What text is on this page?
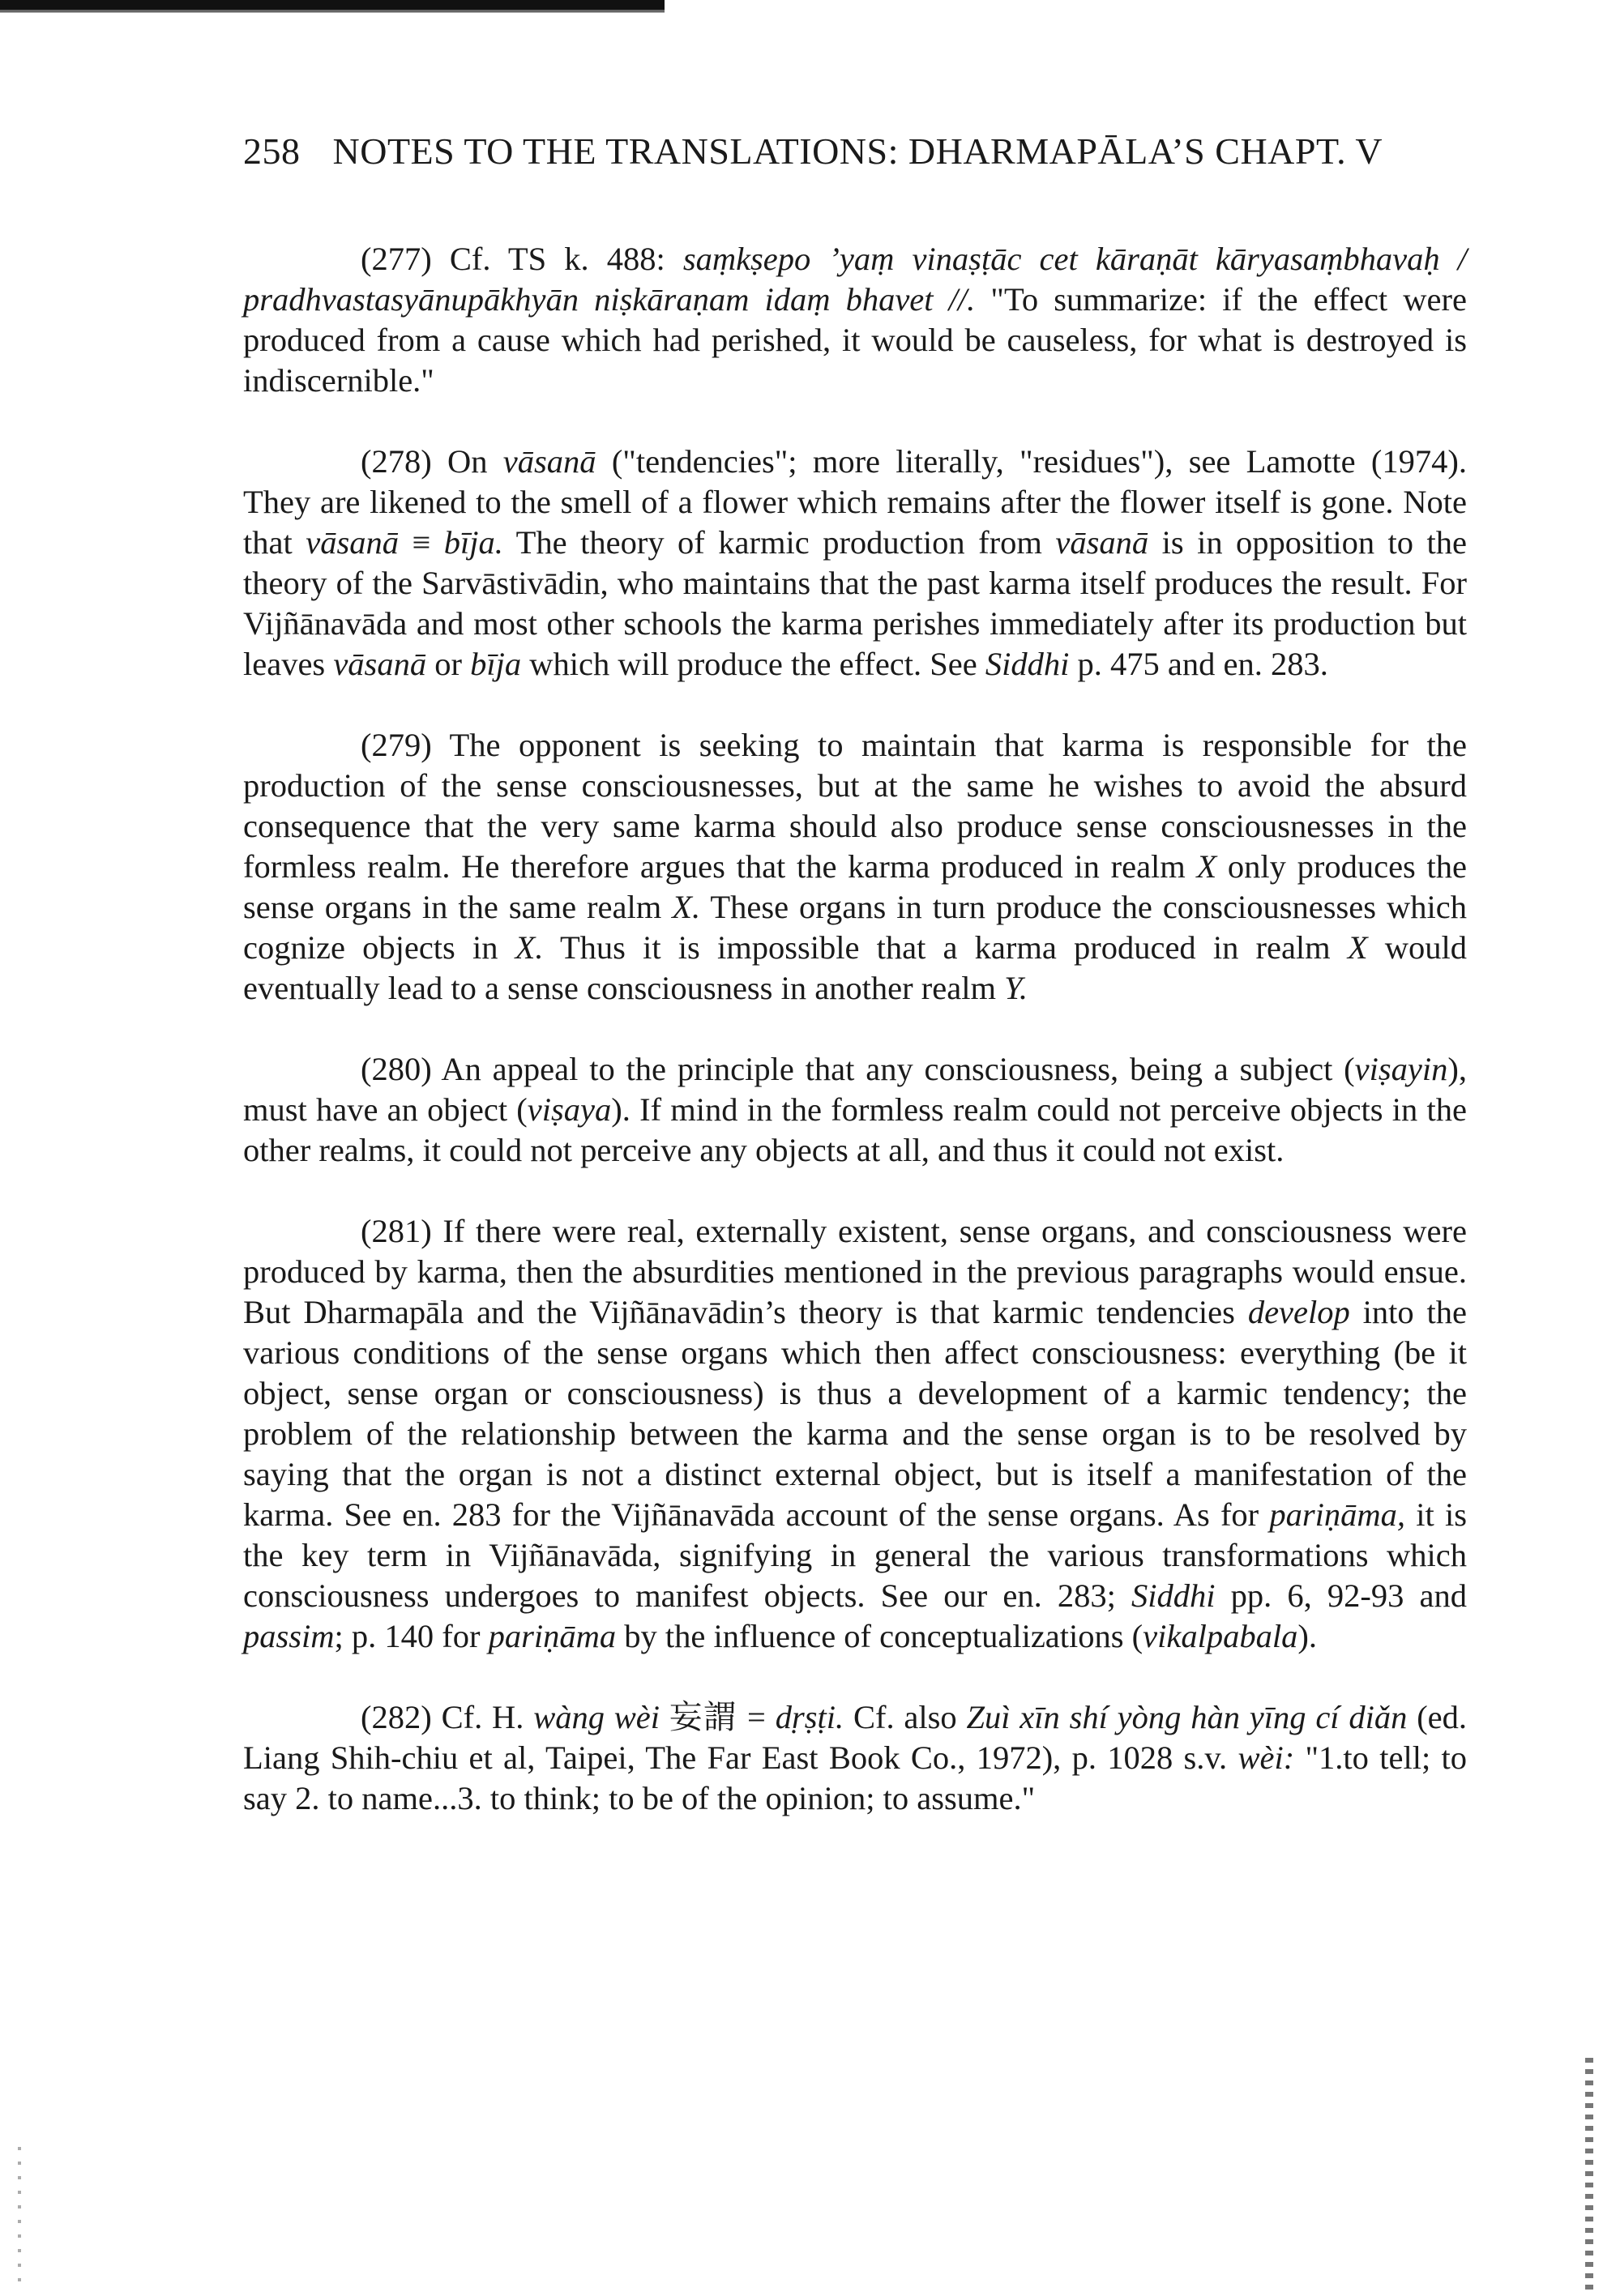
258 NOTES TO THE TRANSLATIONS: DHARMAPĀLA’S CHAPT. V

(277) Cf. TS k. 488: saṃkṣepo ’yaṃ vinaṣṭāc cet kāraṇāt kāryasaṃbhavaḥ / pradhvastasyānupākhyān niṣkāraṇam idaṃ bhavet //. "To summarize: if the effect were produced from a cause which had perished, it would be causeless, for what is destroyed is indiscernible."

(278) On vāsanā ("tendencies"; more literally, "residues"), see Lamotte (1974). They are likened to the smell of a flower which remains after the flower itself is gone. Note that vāsanā ≡ bīja. The theory of karmic production from vāsanā is in opposition to the theory of the Sarvāstivādin, who maintains that the past karma itself produces the result. For Vijñānavāda and most other schools the karma perishes immediately after its production but leaves vāsanā or bīja which will produce the effect. See Siddhi p. 475 and en. 283.

(279) The opponent is seeking to maintain that karma is responsible for the production of the sense consciousnesses, but at the same he wishes to avoid the absurd consequence that the very same karma should also produce sense consciousnesses in the formless realm. He therefore argues that the karma produced in realm X only produces the sense organs in the same realm X. These organs in turn produce the consciousnesses which cognize objects in X. Thus it is impossible that a karma produced in realm X would eventually lead to a sense consciousness in another realm Y.

(280) An appeal to the principle that any consciousness, being a subject (viṣayin), must have an object (viṣaya). If mind in the formless realm could not perceive objects in the other realms, it could not perceive any objects at all, and thus it could not exist.

(281) If there were real, externally existent, sense organs, and consciousness were produced by karma, then the absurdities mentioned in the previous paragraphs would ensue. But Dharmapāla and the Vijñānavādin’s theory is that karmic tendencies develop into the various conditions of the sense organs which then affect consciousness: everything (be it object, sense organ or consciousness) is thus a development of a karmic tendency; the problem of the relationship between the karma and the sense organ is to be resolved by saying that the organ is not a distinct external object, but is itself a manifestation of the karma. See en. 283 for the Vijñānavāda account of the sense organs. As for pariṇāma, it is the key term in Vijñānavāda, signifying in general the various transformations which consciousness undergoes to manifest objects. See our en. 283; Siddhi pp. 6, 92-93 and passim; p. 140 for pariṇāma by the influence of conceptualizations (vikalpabala).

(282) Cf. H. wàng wèi 妄謂 = dṛṣṭi. Cf. also Zuì xīn shí yòng hàn yīng cí diǎn (ed. Liang Shih-chiu et al, Taipei, The Far East Book Co., 1972), p. 1028 s.v. wèi: "1.to tell; to say 2. to name...3. to think; to be of the opinion; to assume."
